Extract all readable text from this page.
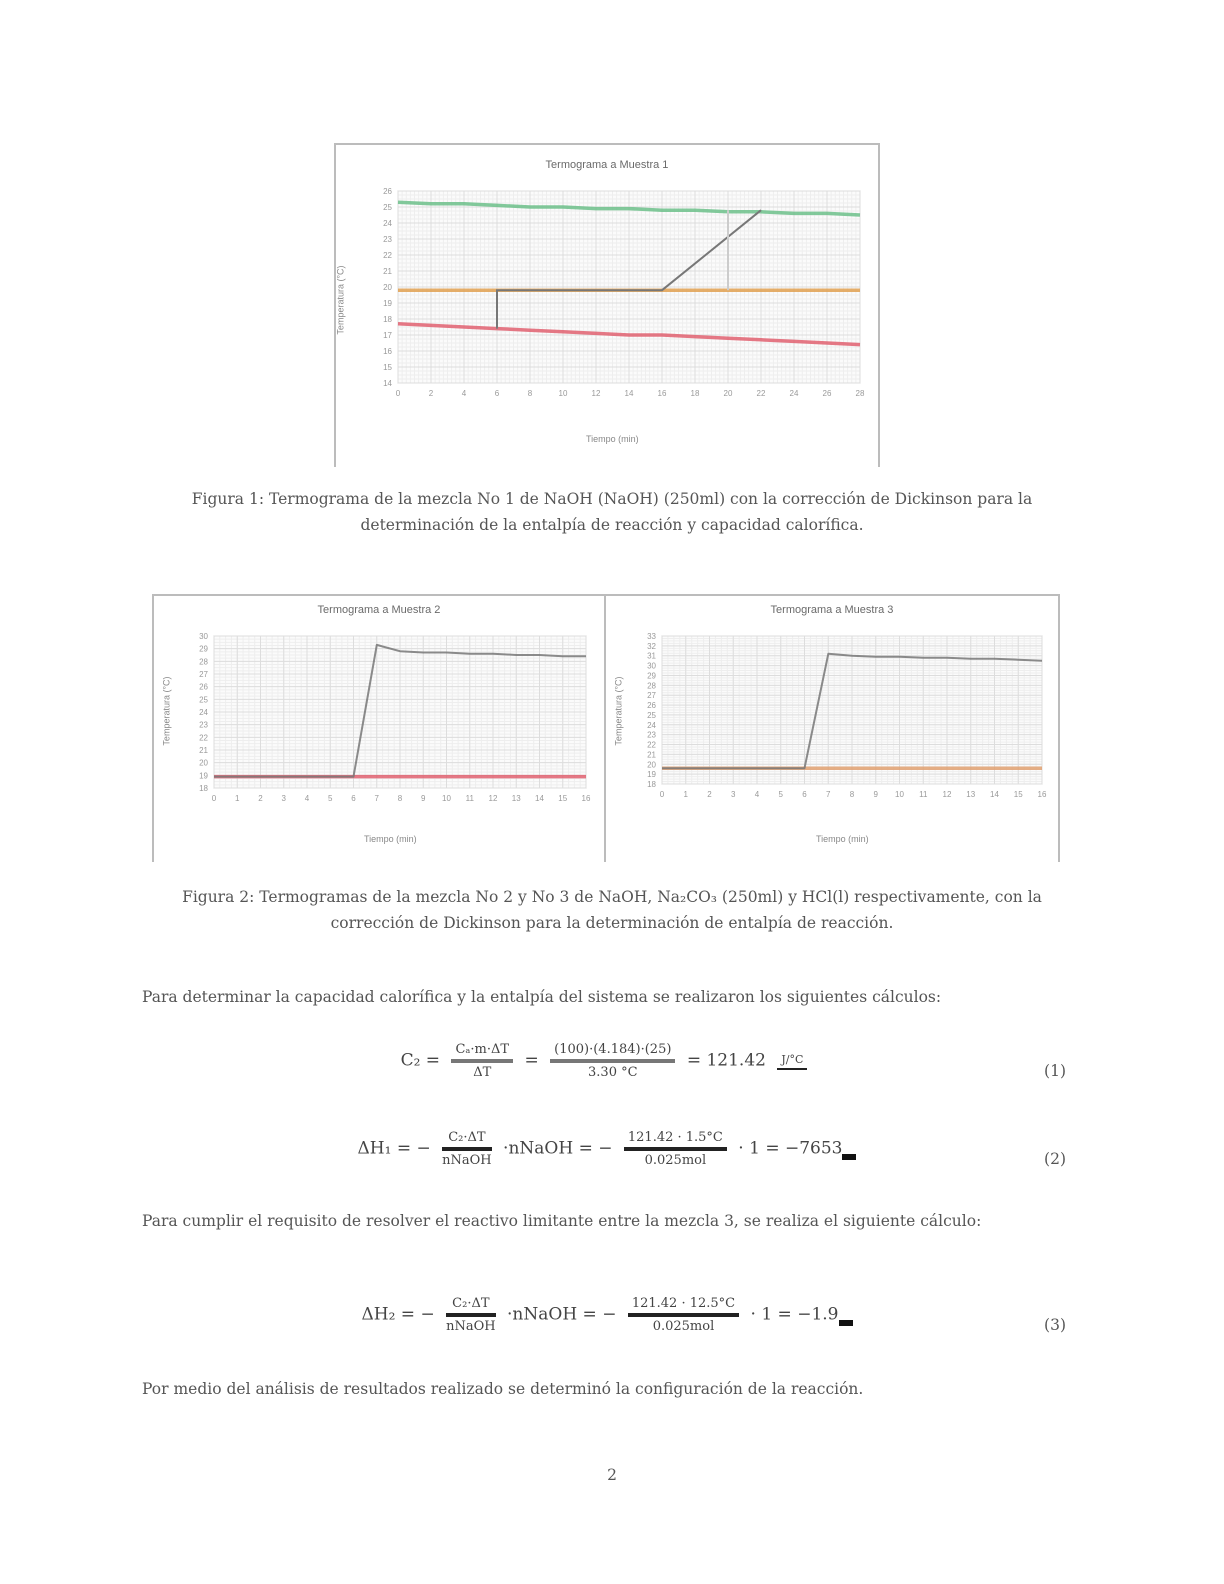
Termograma a Muestra 1
Temperatura (°C)
0	2	4	6	8	10	12	14	16	18	20	22	24	26	28
14
15
16
17
18
19
20
21
22
23
24
25
26
Tiempo (min)
Figura 1: Termograma de la mezcla No 1 de NaOH (NaOH) (250ml) con la corrección de Dickinson para la determinación de la entalpía de reacción y capacidad calorífica.
Termograma a Muestra 2
Temperatura (°C)
0 1 2 3 4 5 6 7 8 9 10 11 12 13 14 15 16
18
19
20
21
22
23
24
25
26
27
28
29
30
Tiempo (min)
Termograma a Muestra 3
Temperatura (°C)
0 1 2 3 4 5 6 7 8 9 10 11 12 13 14 15 16
18
19
20
21
22
23
24
25
26
27
28
29
30
31
32
33
Tiempo (min)
Figura 2: Termogramas de la mezcla No 2 y No 3 de NaOH, Na₂CO₃ (250ml) y HCl(l) respectivamente, con la corrección de Dickinson para la determinación de entalpía de reacción.
Para determinar la capacidad calorífica y la entalpía del sistema se realizaron los siguientes cálculos:
$C_2 = \frac{\text{Cₐ·m·ΔT}}{\Delta T} = \frac{(100)\cdot(4.184)\cdot(25)}{3.30 ^\circ C} = 121.42$	J/°C
(1)
ΔH₁ = − $\frac{\text{C₂·ΔT}}{\text{nNaOH}}$ ·nNaOH = − $\frac{121.42 \cdot 1.5^\circ C}{\text{0.025mol}} \cdot 1 = -7653$
(2)
Para cumplir el requisito de resolver el reactivo limitante entre la mezcla 3, se realiza el siguiente cálculo:
ΔH₂ = − $\frac{\text{C₂·ΔT}}{\text{nNaOH}}$ ·nNaOH = − $\frac{121.42 \cdot 12.5^\circ C}{\text{0.025mol}} \cdot 1 = -1.9$
(3)
Por medio del análisis de resultados realizado se determinó la configuración de la reacción.
2
